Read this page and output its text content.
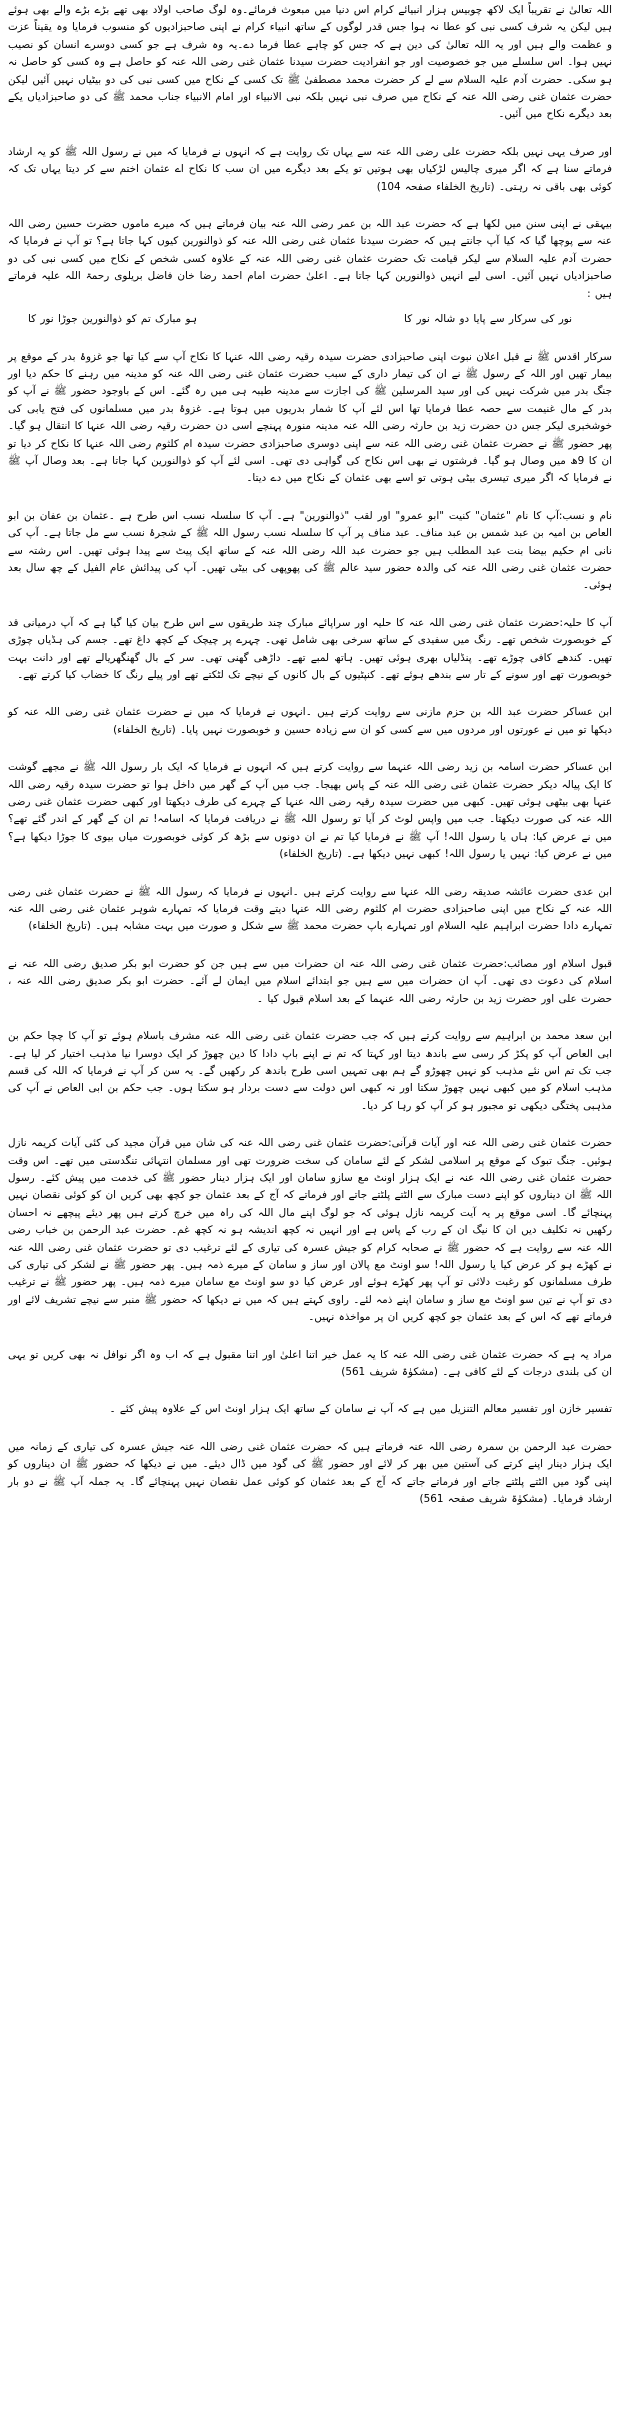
اللہ تعالیٰ نے تقریباً ایک لاکھ چوبیس ہزار انبیائے کرام اس دنیا میں مبعوث فرمائے۔وہ لوگ صاحب اولاد بھی تھے بڑے بڑے والے بھی ہوئے ہیں لیکن یہ شرف کسی نبی کو عطا نہ ہوا جس قدر لوگوں کے ساتھ انبیاء کرام نے اپنی صاحبزادیوں کو منسوب فرمایا وہ یقیناً عزت و عظمت والے ہیں اور یہ اللہ تعالیٰ کی دین ہے کہ جس کو چاہے عطا فرما دے۔یہ وہ شرف ہے جو کسی دوسرے انسان کو نصیب نہیں ہوا۔ اس سلسلے میں جو خصوصیت اور جو انفرادیت حضرت سیدنا عثمان غنی رضی اللہ عنہ کو حاصل ہے وہ کسی کو حاصل نہ ہو سکی۔ حضرت آدم علیہ السلام سے لے کر حضرت محمد مصطفیٰ ﷺ تک کسی کے نکاح میں کسی نبی کی دو بیٹیاں نہیں آئیں لیکن حضرت عثمان غنی رضی اللہ عنہ کے نکاح میں صرف نبی نہیں بلکہ نبی الانبیاء اور امام الانبیاء جناب محمد ﷺ کی دو صاحبزادیاں یکے بعد دیگرے نکاح میں آئیں۔

اور صرف یہی نہیں بلکہ حضرت علی رضی اللہ عنہ سے یہاں تک روایت ہے کہ انہوں نے فرمایا کہ میں نے رسول اللہ ﷺ کو یہ ارشاد فرماتے سنا ہے کہ اگر میری چالیس لڑکیاں بھی ہوتیں تو یکے بعد دیگرے میں ان سب کا نکاح اے عثمان اختم سے کر دیتا یہاں تک کہ کوئی بھی باقی نہ رہتی۔ (تاریخ الخلفاء صفحہ 104)

بیہقی نے اپنی سنن میں لکھا ہے کہ حضرت عبد اللہ بن عمر رضی اللہ عنہ بیان فرماتے ہیں کہ میرے ماموں حضرت حسین رضی اللہ عنہ سے پوچھا گیا کہ کیا آپ جانتے ہیں کہ حضرت سیدنا عثمان غنی رضی اللہ عنہ کو ذوالنورین کیوں کہا جاتا ہے؟ تو آپ نے فرمایا کہ حضرت آدم علیہ السلام سے لیکر قیامت تک حضرت عثمان غنی رضی اللہ عنہ کے علاوہ کسی شخص کے نکاح میں کسی نبی کی دو صاحبزادیاں نہیں آئیں۔ اسی لیے انہیں ذوالنورین کہا جاتا ہے۔ اعلیٰ حضرت امام احمد رضا خان فاضل بریلوی رحمۃ اللہ علیہ فرماتے ہیں :

نور کی سرکار سے پایا دو شالہ نور کا
ہو مبارک تم کو ذوالنورین جوڑا نور کا

سرکار اقدس ﷺ نے قبل اعلان نبوت اپنی صاحبزادی حضرت سیدہ رقیہ رضی اللہ عنہا کا نکاح آپ سے کیا تھا جو غزوۂ بدر کے موقع پر بیمار تھیں اور اللہ کے رسول ﷺ نے ان کی تیمار داری کے سبب حضرت عثمان غنی رضی اللہ عنہ کو مدینہ میں رہنے کا حکم دیا اور جنگ بدر میں شرکت نہیں کی اور سید المرسلین ﷺ کی اجازت سے مدینہ طیبہ ہی میں رہ گئے۔ اس کے باوجود حضور ﷺ نے آپ کو بدر کے مال غنیمت سے حصہ عطا فرمایا تھا اس لئے آپ کا شمار بدریوں میں ہوتا ہے۔ غزوۂ بدر میں مسلمانوں کی فتح یابی کی خوشخبری لیکر جس دن حضرت زید بن حارثہ رضی اللہ عنہ مدینہ منورہ پہنچے اسی دن حضرت رقیہ رضی اللہ عنہا کا انتقال ہو گیا۔ پھر حضور ﷺ نے حضرت عثمان غنی رضی اللہ عنہ سے اپنی دوسری صاحبزادی حضرت سیدہ ام کلثوم رضی اللہ عنہا کا نکاح کر دیا تو ان کا 9ھ میں وصال ہو گیا۔ فرشتوں نے بھی اس نکاح کی گواہی دی تھی۔ اسی لئے آپ کو ذوالنورین کہا جاتا ہے۔ بعد وصال آپ ﷺ نے فرمایا کہ اگر میری تیسری بیٹی ہوتی تو اسے بھی عثمان کے نکاح میں دے دیتا۔

نام و نسب:آپ کا نام "عثمان" کنیت "ابو عمرو" اور لقب "ذوالنورین" ہے۔ آپ کا سلسلہ نسب اس طرح ہے ۔عثمان بن عفان بن ابو العاص بن امیہ بن عبد شمس بن عبد مناف۔ عبد مناف پر آپ کا سلسلہ نسب رسول اللہ ﷺ کے شجرۂ نسب سے مل جاتا ہے۔ آپ کی نانی ام حکیم بیضا بنت عبد المطلب ہیں جو حضرت عبد اللہ رضی اللہ عنہ کے ساتھ ایک پیٹ سے پیدا ہوئی تھیں۔ اس رشتہ سے حضرت عثمان غنی رضی اللہ عنہ کی والدہ حضور سید عالم ﷺ کی پھوپھی کی بیٹی تھیں۔ آپ کی پیدائش عام الفیل کے چھ سال بعد ہوئی۔

آپ کا حلیہ:حضرت عثمان غنی رضی اللہ عنہ کا حلیہ اور سراپائے مبارک چند طریقوں سے اس طرح بیان کیا گیا ہے کہ آپ درمیانی قد کے خوبصورت شخص تھے۔ رنگ میں سفیدی کے ساتھ سرخی بھی شامل تھی۔ چہرے پر چیچک کے کچھ داغ تھے۔ جسم کی ہڈیاں چوڑی تھیں۔ کندھے کافی چوڑے تھے۔ پنڈلیاں بھری ہوئی تھیں۔ ہاتھ لمبے تھے۔ داڑھی گھنی تھی۔ سر کے بال گھنگھریالے تھے اور دانت بہت خوبصورت تھے اور سونے کے تار سے بندھے ہوئے تھے۔ کنپٹیوں کے بال کانوں کے نیچے تک لٹکتے تھے اور پیلے رنگ کا خضاب کیا کرتے تھے۔

ابن عساکر حضرت عبد اللہ بن حزم مازنی سے روایت کرتے ہیں ۔انہوں نے فرمایا کہ میں نے حضرت عثمان غنی رضی اللہ عنہ کو دیکھا تو میں نے عورتوں اور مردوں میں سے کسی کو ان سے زیادہ حسین و خوبصورت نہیں پایا۔ (تاریخ الخلفاء)

ابن عساکر حضرت اسامہ بن زید رضی اللہ عنہما سے روایت کرتے ہیں کہ انہوں نے فرمایا کہ ایک بار رسول اللہ ﷺ نے مجھے گوشت کا ایک پیالہ دیکر حضرت عثمان غنی رضی اللہ عنہ کے پاس بھیجا۔ جب میں آپ کے گھر میں داخل ہوا تو حضرت سیدہ رقیہ رضی اللہ عنہا بھی بیٹھی ہوئی تھیں۔ کبھی میں حضرت سیدہ رقیہ رضی اللہ عنہا کے چہرے کی طرف دیکھتا اور کبھی حضرت عثمان غنی رضی اللہ عنہ کی صورت دیکھتا۔ جب میں واپس لوٹ کر آیا تو رسول اللہ ﷺ نے دریافت فرمایا کہ اسامہ! تم ان کے گھر کے اندر گئے تھے؟ میں نے عرض کیا: ہاں یا رسول اللہ! آپ ﷺ نے فرمایا کیا تم نے ان دونوں سے بڑھ کر کوئی خوبصورت میاں بیوی کا جوڑا دیکھا ہے؟ میں نے عرض کیا: نہیں یا رسول اللہ! کبھی نہیں دیکھا ہے۔ (تاریخ الخلفاء)

ابن عدی حضرت عائشہ صدیقہ رضی اللہ عنہا سے روایت کرتے ہیں ۔انہوں نے فرمایا کہ رسول اللہ ﷺ نے حضرت عثمان غنی رضی اللہ عنہ کے نکاح میں اپنی صاحبزادی حضرت ام کلثوم رضی اللہ عنہا دیتے وقت فرمایا کہ تمہارے شوہر عثمان غنی رضی اللہ عنہ تمہارے دادا حضرت ابراہیم علیہ السلام اور تمہارے باپ حضرت محمد ﷺ سے شکل و صورت میں بہت مشابہ ہیں۔ (تاریخ الخلفاء)

قبول اسلام اور مصائب:حضرت عثمان غنی رضی اللہ عنہ ان حضرات میں سے ہیں جن کو حضرت ابو بکر صدیق رضی اللہ عنہ نے اسلام کی دعوت دی تھی۔ آپ ان حضرات میں سے ہیں جو ابتدائے اسلام میں ایمان لے آئے۔ حضرت ابو بکر صدیق رضی اللہ عنہ ، حضرت علی اور حضرت زید بن حارثہ رضی اللہ عنہما کے بعد اسلام قبول کیا ۔

ابن سعد محمد بن ابراہیم سے روایت کرتے ہیں کہ جب حضرت عثمان غنی رضی اللہ عنہ مشرف باسلام ہوئے تو آپ کا چچا حکم بن ابی العاص آپ کو پکڑ کر رسی سے باندھ دیتا اور کہتا کہ تم نے اپنے باپ دادا کا دین چھوڑ کر ایک دوسرا نیا مذہب اختیار کر لیا ہے۔ جب تک تم اس نئے مذہب کو نہیں چھوڑو گے ہم بھی تمہیں اسی طرح باندھ کر رکھیں گے۔ یہ سن کر آپ نے فرمایا کہ اللہ کی قسم مذہب اسلام کو میں کبھی نہیں چھوڑ سکتا اور نہ کبھی اس دولت سے دست بردار ہو سکتا ہوں۔ جب حکم بن ابی العاص نے آپ کی مذہبی پختگی دیکھی تو مجبور ہو کر آپ کو رہا کر دیا۔

حضرت عثمان غنی رضی اللہ عنہ اور آیات قرآنی:حضرت عثمان غنی رضی اللہ عنہ کی شان میں قرآن مجید کی کئی آیات کریمہ نازل ہوئیں۔ جنگ تبوک کے موقع پر اسلامی لشکر کے لئے سامان کی سخت ضرورت تھی اور مسلمان انتہائی تنگدستی میں تھے۔ اس وقت حضرت عثمان غنی رضی اللہ عنہ نے ایک ہزار اونٹ مع سازو سامان اور ایک ہزار دینار حضور ﷺ کی خدمت میں پیش کئے۔ رسول اللہ ﷺ ان دیناروں کو اپنے دست مبارک سے الٹتے پلٹتے جاتے اور فرماتے کہ آج کے بعد عثمان جو کچھ بھی کریں ان کو کوئی نقصان نہیں پہنچائے گا۔ اسی موقع پر یہ آیت کریمہ نازل ہوئی کہ جو لوگ اپنے مال اللہ کی راہ میں خرچ کرتے ہیں پھر دیئے پیچھے نہ احسان رکھیں نہ تکلیف دیں ان کا نیگ ان کے رب کے پاس ہے اور انہیں نہ کچھ اندیشہ ہو نہ کچھ غم۔ حضرت عبد الرحمن بن خباب رضی اللہ عنہ سے روایت ہے کہ حضور ﷺ نے صحابہ کرام کو جیش عسرہ کی تیاری کے لئے ترغیب دی تو حضرت عثمان غنی رضی اللہ عنہ نے کھڑے ہو کر عرض کیا یا رسول اللہ! سو اونٹ مع پالان اور ساز و سامان کے میرے ذمہ ہیں۔ پھر حضور ﷺ نے لشکر کی تیاری کی طرف مسلمانوں کو رغبت دلائی تو آپ پھر کھڑے ہوئے اور عرض کیا دو سو اونٹ مع سامان میرے ذمہ ہیں۔ پھر حضور ﷺ نے ترغیب دی تو آپ نے تین سو اونٹ مع ساز و سامان اپنے ذمہ لئے۔ راوی کہتے ہیں کہ میں نے دیکھا کہ حضور ﷺ منبر سے نیچے تشریف لائے اور فرماتے تھے کہ اس کے بعد عثمان جو کچھ کریں ان پر مواخذہ نہیں۔

مراد یہ ہے کہ حضرت عثمان غنی رضی اللہ عنہ کا یہ عمل خیر اتنا اعلیٰ اور اتنا مقبول ہے کہ اب وہ اگر نوافل نہ بھی کریں تو یہی ان کی بلندی درجات کے لئے کافی ہے۔ (مشکوٰۃ شریف 561)

تفسیر خازن اور تفسیر معالم التنزیل میں ہے کہ آپ نے سامان کے ساتھ ایک ہزار اونٹ اس کے علاوہ پیش کئے ۔

حضرت عبد الرحمن بن سمرہ رضی اللہ عنہ فرماتے ہیں کہ حضرت عثمان غنی رضی اللہ عنہ جیش عسرہ کی تیاری کے زمانہ میں ایک ہزار دینار اپنے کرتے کی آستین میں بھر کر لائے اور حضور ﷺ کی گود میں ڈال دیئے۔ میں نے دیکھا کہ حضور ﷺ ان دیناروں کو اپنی گود میں الٹتے پلٹتے جاتے اور فرماتے جاتے کہ آج کے بعد عثمان کو کوئی عمل نقصان نہیں پہنچائے گا۔ یہ جملہ آپ ﷺ نے دو بار ارشاد فرمایا۔ (مشکوٰۃ شریف صفحہ 561)
